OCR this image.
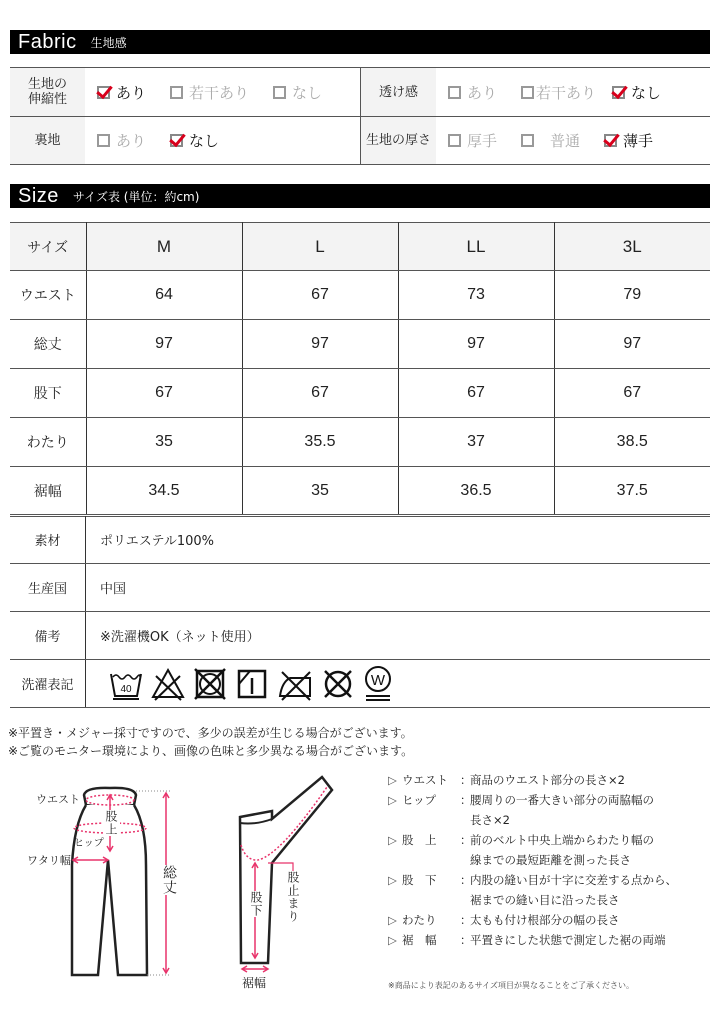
Fabric 生地感
生地の
伸縮性	あり	若干あり	なし	透け感	あり	若干あり なし
裏地	あり	なし	生地の厚さ	厚手	普通	薄手
Size サイズ表 (単位：約cm)
サイズ	M	L	LL	3L
ウエスト	64	67	73	79
総丈	97	97	97	97
股下	67	67	67	67
わたり	35	35.5	37	38.5
裾幅	34.5	35	36.5	37.5
素材	ポリエステル100%
生産国	中国
備考	※洗濯機OK（ネット使用）
洗濯表記	40
W
※平置き・メジャー採寸ですので、多少の誤差が生じる場合がございます。
※ご覧のモニター環境により、画像の色味と多少異なる場合がございます。
ウエスト
ヒップ
ワタリ幅
股上
総丈
股下 股止まり
裾幅
▷ ウエスト	：
商品のウエスト部分の長さ×2
▷ ヒップ	：
腰周りの一番大きい部分の両脇幅の
長さ×2
▷ 股　上	：
前のベルト中央上端からわたり幅の
線までの最短距離を測った長さ
▷ 股　下	：
内股の縫い目が十字に交差する点から、
裾までの縫い目に沿った長さ
▷ わたり	：
太もも付け根部分の幅の長さ
▷ 裾　幅	：
平置きにした状態で測定した裾の両端
※商品により表記のあるサイズ項目が異なることをご了承ください。
